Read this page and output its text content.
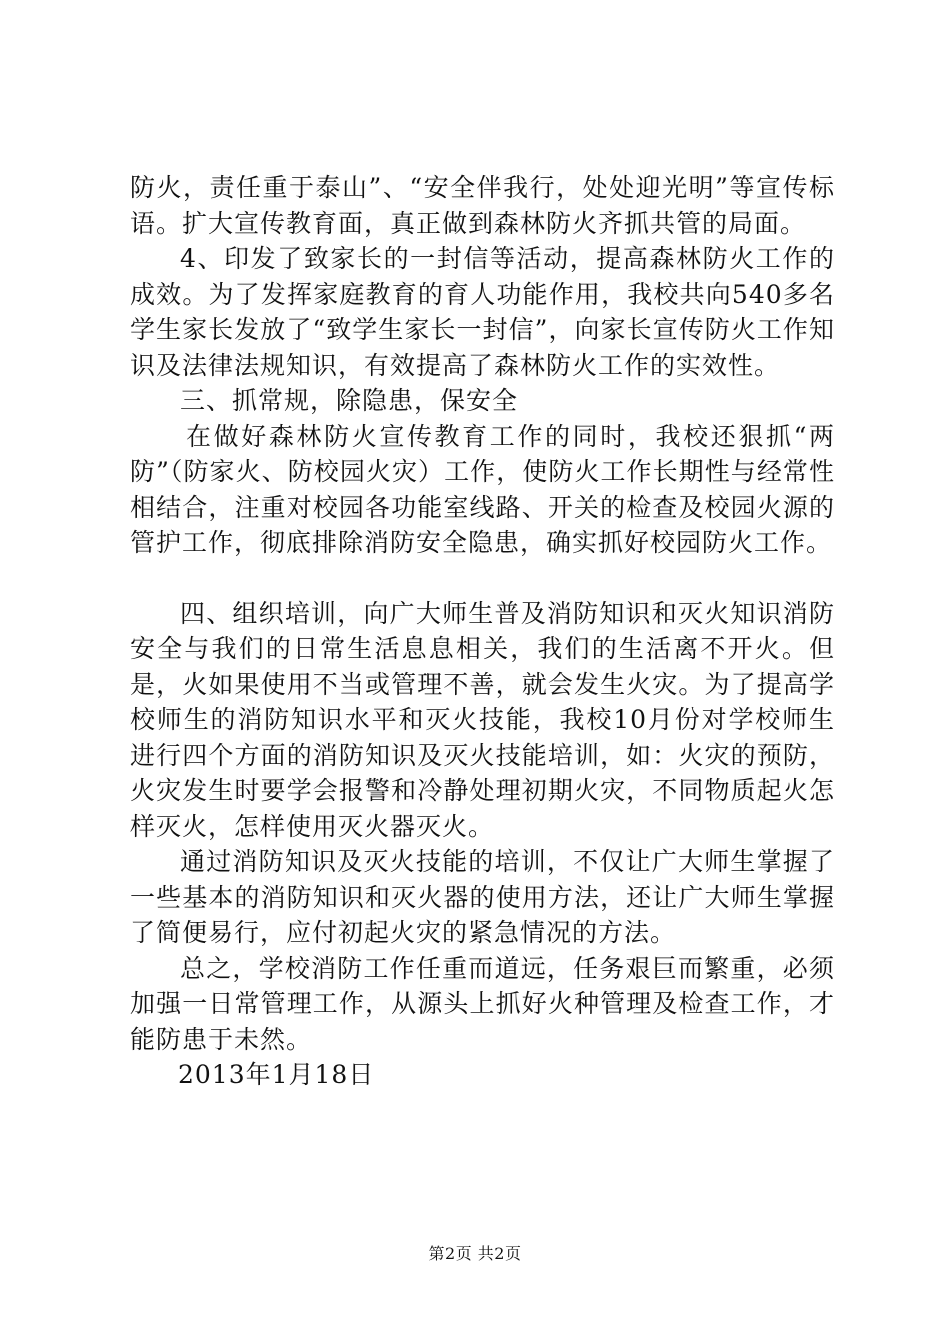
防火，责任重于泰山”、“安全伴我行，处处迎光明”等宣传标语。扩大宣传教育面，真正做到森林防火齐抓共管的局面。

4、印发了致家长的一封信等活动，提高森林防火工作的成效。为了发挥家庭教育的育人功能作用，我校共向540多名学生家长发放了“致学生家长一封信”，向家长宣传防火工作知识及法律法规知识，有效提高了森林防火工作的实效性。

三、抓常规，除隐患，保安全

在做好森林防火宣传教育工作的同时，我校还狠抓“两防”（防家火、防校园火灾）工作，使防火工作长期性与经常性相结合，注重对校园各功能室线路、开关的检查及校园火源的管护工作，彻底排除消防安全隐患，确实抓好校园防火工作。

四、组织培训，向广大师生普及消防知识和灭火知识消防安全与我们的日常生活息息相关，我们的生活离不开火。但是，火如果使用不当或管理不善，就会发生火灾。为了提高学校师生的消防知识水平和灭火技能，我校10月份对学校师生进行四个方面的消防知识及灭火技能培训，如：火灾的预防，火灾发生时要学会报警和冷静处理初期火灾，不同物质起火怎样灭火，怎样使用灭火器灭火。

通过消防知识及灭火技能的培训，不仅让广大师生掌握了一些基本的消防知识和灭火器的使用方法，还让广大师生掌握了简便易行，应付初起火灾的紧急情况的方法。

总之，学校消防工作任重而道远，任务艰巨而繁重，必须加强一日常管理工作，从源头上抓好火种管理及检查工作，才能防患于未然。

2013年1月18日

第2页 共2页
